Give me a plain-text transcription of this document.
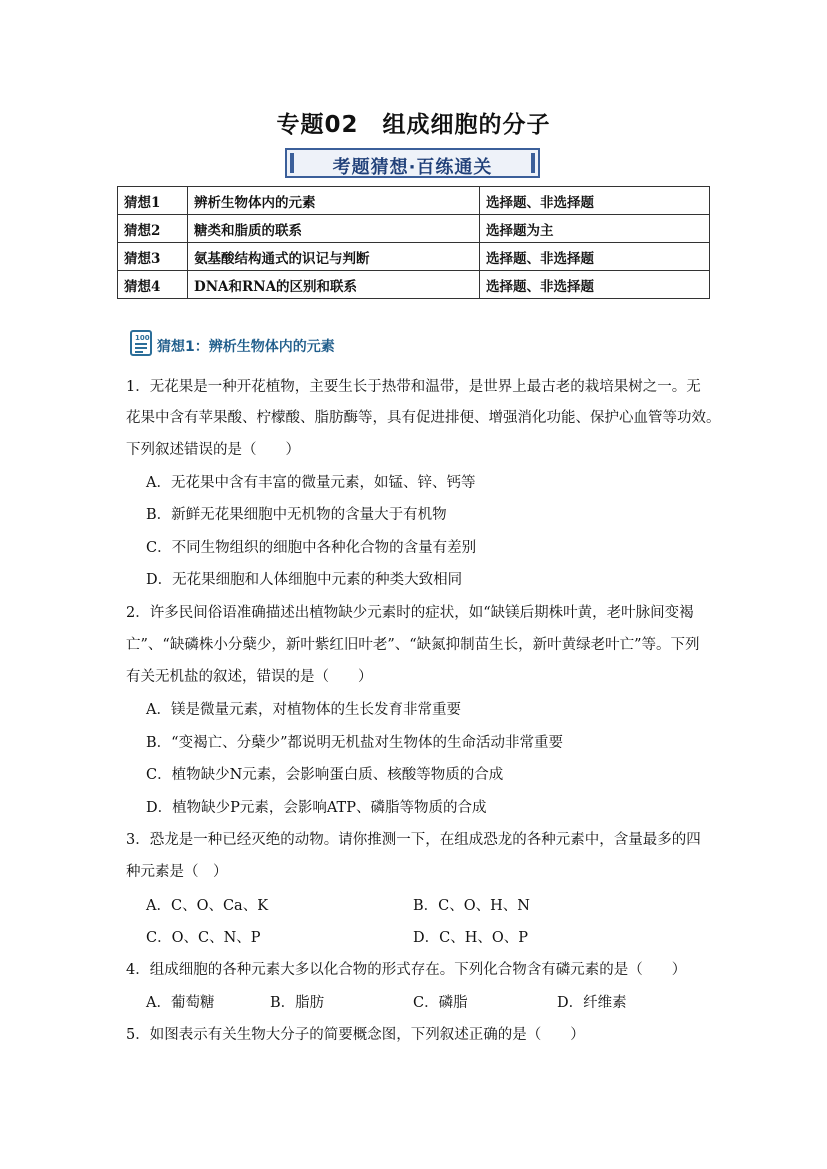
专题02　组成细胞的分子
考题猜想·百练通关
猜想1	辨析生物体内的元素	选择题、非选择题
猜想2	糖类和脂质的联系	选择题为主
猜想3	氨基酸结构通式的识记与判断	选择题、非选择题
猜想4	DNA和RNA的区别和联系	选择题、非选择题
100
猜想1：辨析生物体内的元素
1．无花果是一种开花植物，主要生长于热带和温带，是世界上最古老的栽培果树之一。无
花果中含有苹果酸、柠檬酸、脂肪酶等，具有促进排便、增强消化功能、保护心血管等功效。
下列叙述错误的是（　　）
A．无花果中含有丰富的微量元素，如锰、锌、钙等
B．新鲜无花果细胞中无机物的含量大于有机物
C．不同生物组织的细胞中各种化合物的含量有差别
D．无花果细胞和人体细胞中元素的种类大致相同
2．许多民间俗语准确描述出植物缺少元素时的症状，如“缺镁后期株叶黄，老叶脉间变褐
亡”、“缺磷株小分蘖少，新叶紫红旧叶老”、“缺氮抑制苗生长，新叶黄绿老叶亡”等。下列
有关无机盐的叙述，错误的是（　　）
A．镁是微量元素，对植物体的生长发育非常重要
B．“变褐亡、分蘖少”都说明无机盐对生物体的生命活动非常重要
C．植物缺少N元素，会影响蛋白质、核酸等物质的合成
D．植物缺少P元素，会影响ATP、磷脂等物质的合成
3．恐龙是一种已经灭绝的动物。请你推测一下，在组成恐龙的各种元素中，含量最多的四
种元素是（　）
A．C、O、Ca、K	B．C、O、H、N
C．O、C、N、P	D．C、H、O、P
4．组成细胞的各种元素大多以化合物的形式存在。下列化合物含有磷元素的是（　　）
A．葡萄糖	B．脂肪	C．磷脂	D．纤维素
5．如图表示有关生物大分子的简要概念图，下列叙述正确的是（　　）
